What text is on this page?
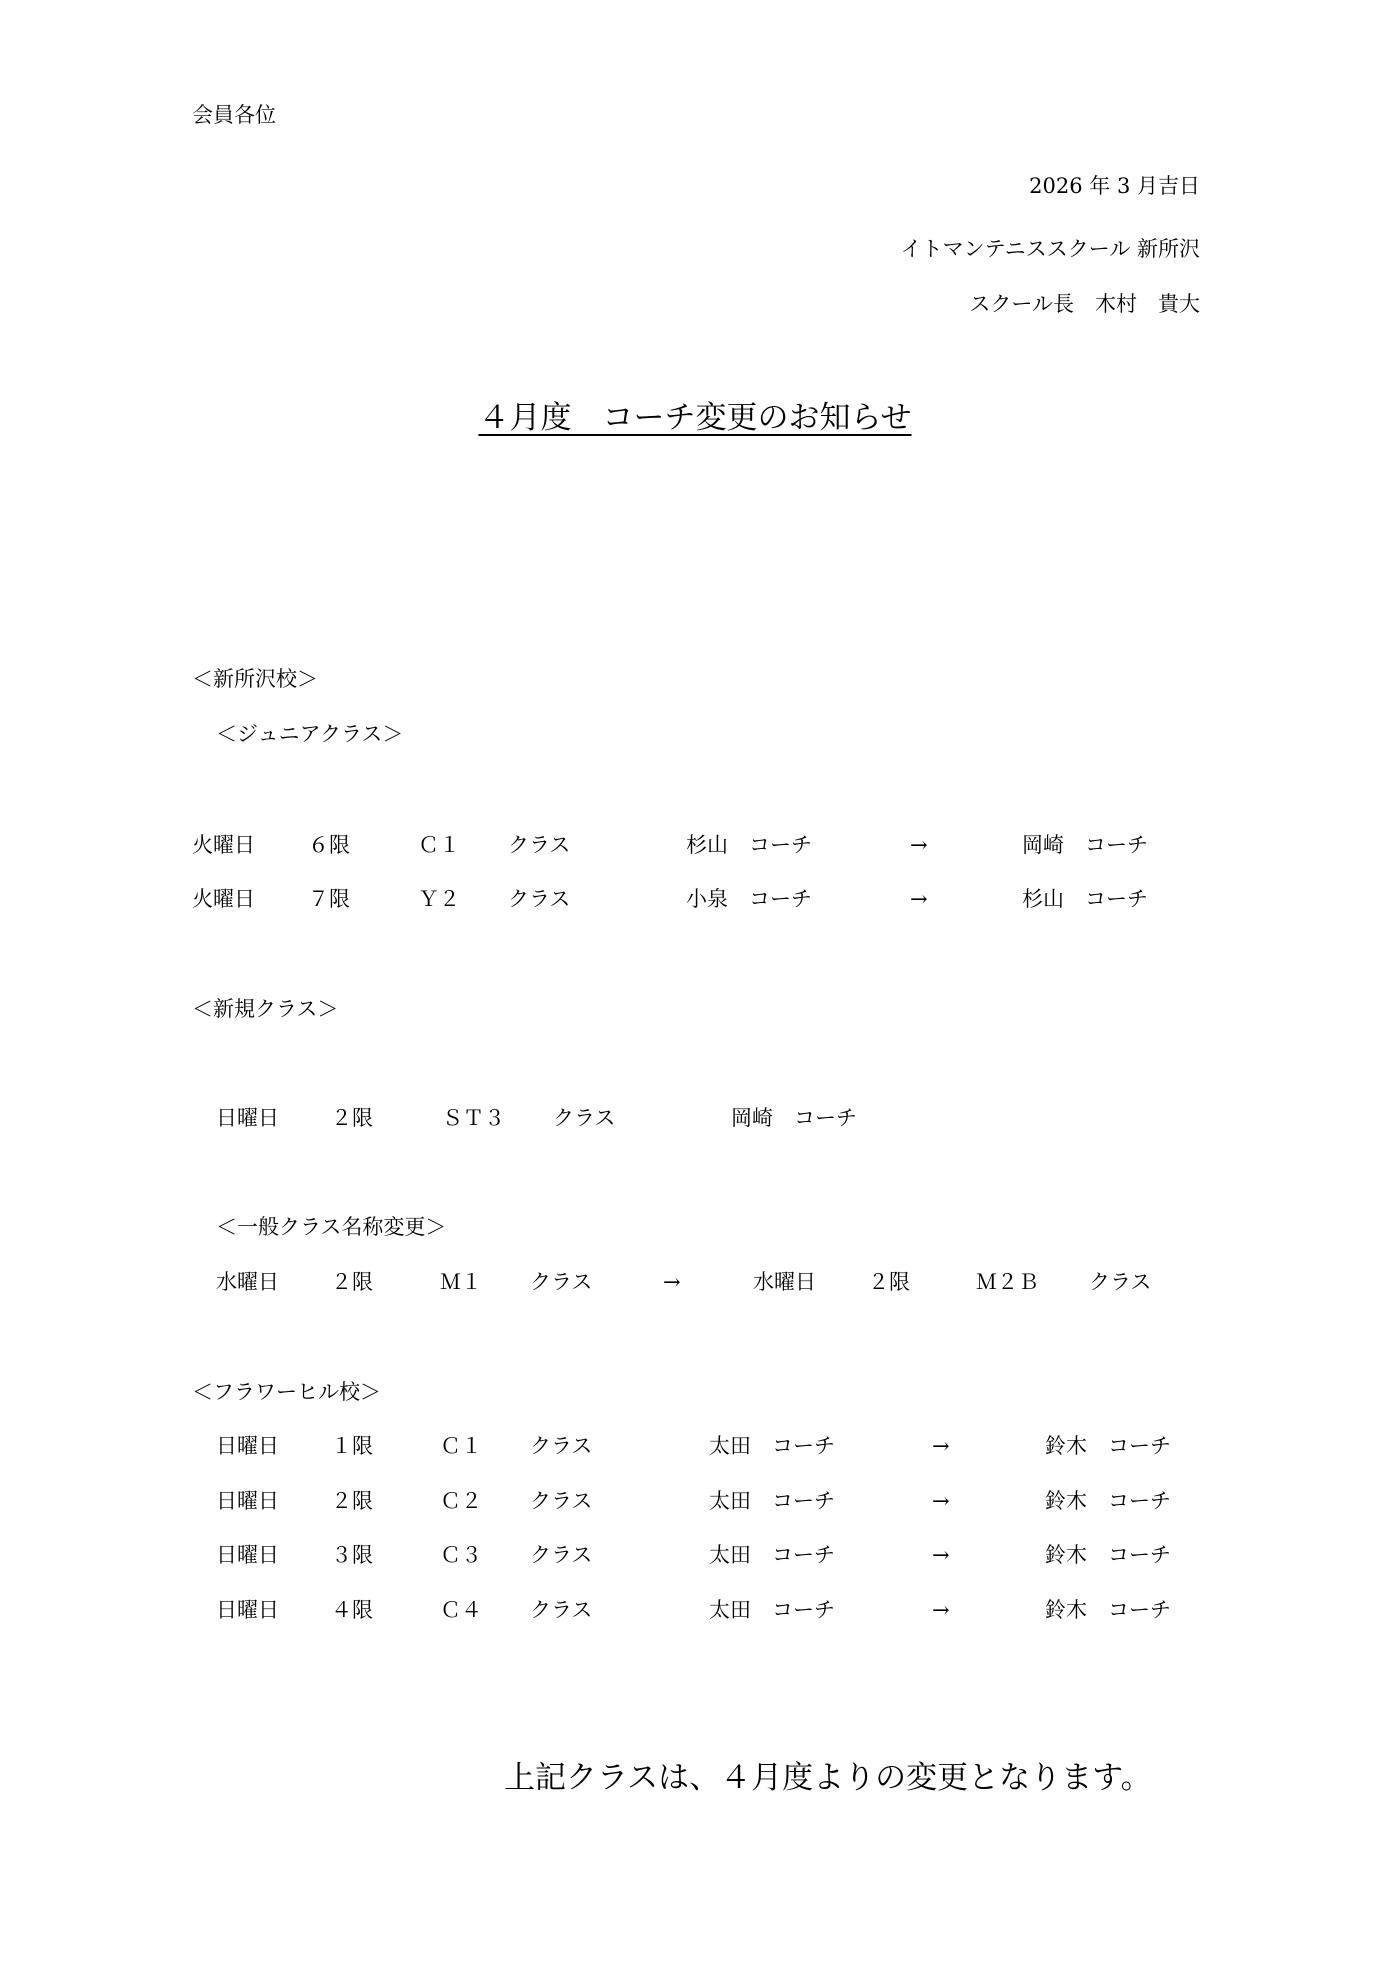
会員各位
2026 年 3 月吉日
イトマンテニススクール 新所沢
スクール長　木村　貴大
４月度　コーチ変更のお知らせ
＜新所沢校＞
＜ジュニアクラス＞
火曜日	６限	Ｃ１ クラス	杉山　コーチ	→	岡崎　コーチ
火曜日	７限	Ｙ２ クラス	小泉　コーチ	→	杉山　コーチ
＜新規クラス＞
日曜日 ２限	ＳＴ３ クラス	岡崎　コーチ
＜一般クラス名称変更＞
水曜日 ２限	Ｍ１ クラス	→	水曜日 ２限	Ｍ２Ｂ クラス
＜フラワーヒル校＞
日曜日 １限	Ｃ１ クラス	太田　コーチ	→	鈴木　コーチ
日曜日 ２限	Ｃ２ クラス	太田　コーチ	→	鈴木　コーチ
日曜日 ３限	Ｃ３ クラス	太田　コーチ	→	鈴木　コーチ
日曜日 ４限	Ｃ４ クラス	太田　コーチ	→	鈴木　コーチ
上記クラスは、４月度よりの変更となります。
